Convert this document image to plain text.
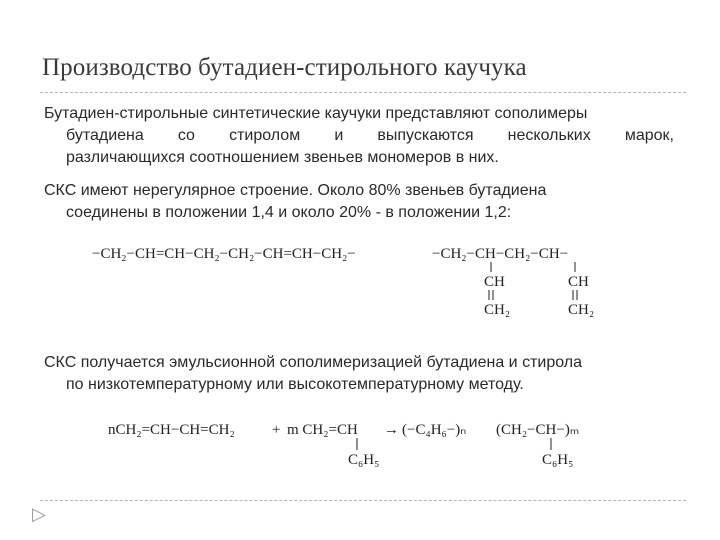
Производство бутадиен-стирольного каучука
Бутадиен-стирольные синтетические каучуки представляют сополимеры
бутадиена со стиролом и выпускаются нескольких марок,
различающихся соотношением звеньев мономеров в них.
СКС имеют нерегулярное строение. Около 80% звеньев бутадиена
соединены в положении 1,4 и около 20% - в положении 1,2:
−CH₂−CH=CH−CH₂−CH₂−CH=CH−CH₂−	−CH₂−CH−CH₂−CH−
CH
CH₂
CH
CH₂
СКС получается эмульсионной сополимеризацией бутадиена и стирола
по низкотемпературному или высокотемпературному методу.
nCH₂=CH−CH=CH₂ + m CH₂=CH → (−C₄H₆−)ₙ (CH₂−CH−)ₘ
C₆H₅	C₆H₅
▷
